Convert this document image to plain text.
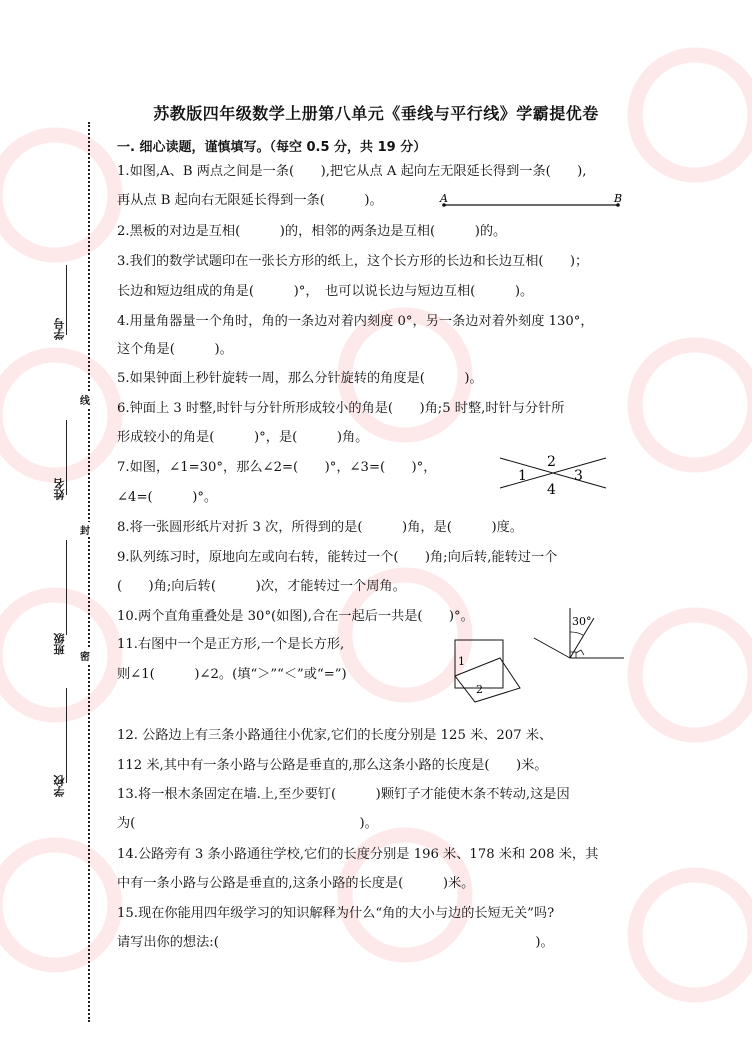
苏教版四年级数学上册第八单元《垂线与平行线》学霸提优卷
学号
姓名
班级
学校
线
封
密
一. 细心读题，谨慎填写。（每空 0.5 分，共 19 分）
1.如图,A、B 两点之间是一条(　　),把它从点 A 起向左无限延长得到一条(　　),
再从点 B 起向右无限延长得到一条(　　　)。
2.黑板的对边是互相(　　　)的，相邻的两条边是互相(　　　)的。
3.我们的数学试题印在一张长方形的纸上，这个长方形的长边和长边互相(　　)；
长边和短边组成的角是(　　　)°，　也可以说长边与短边互相(　　　)。
4.用量角器量一个角时，角的一条边对着内刻度 0°，另一条边对着外刻度 130°，
这个角是(　　　)。
5.如果钟面上秒针旋转一周，那么分针旋转的角度是(　　　)。
6.钟面上 3 时整,时针与分针所形成较小的角是(　　)角;5 时整,时针与分针所
形成较小的角是(　　　)°，是(　　　)角。
7.如图，∠1=30°，那么∠2=(　　)°，∠3=(　　)°，
∠4=(　　　)°。
8.将一张圆形纸片对折 3 次，所得到的是(　　　)角，是(　　　)度。
9.队列练习时，原地向左或向右转，能转过一个(　　)角;向后转,能转过一个
(　　)角;向后转(　　　)次，才能转过一个周角。
10.两个直角重叠处是 30°(如图),合在一起后一共是(　　)°。
11.右图中一个是正方形,一个是长方形,
则∠1(　　　)∠2。(填“＞”“＜”或“=”)
12. 公路边上有三条小路通往小优家,它们的长度分别是 125 米、207 米、
112 米,其中有一条小路与公路是垂直的,那么这条小路的长度是(　　)米。
13.将一根木条固定在墙.上,至少要钉(　　　)颗钉子才能使木条不转动,这是因
为(　　　　　　　　　　　　　　　　　)。
14.公路旁有 3 条小路通往学校,它们的长度分别是 196 米、178 米和 208 米，其
中有一条小路与公路是垂直的,这条小路的长度是(　　　)米。
15.现在你能用四年级学习的知识解释为什么“角的大小与边的长短无关”吗?
请写出你的想法:(　　　　　　　　　　　　　　　　　　　　　　　　)。
A	B
2
1	3
4
30°
1
2
